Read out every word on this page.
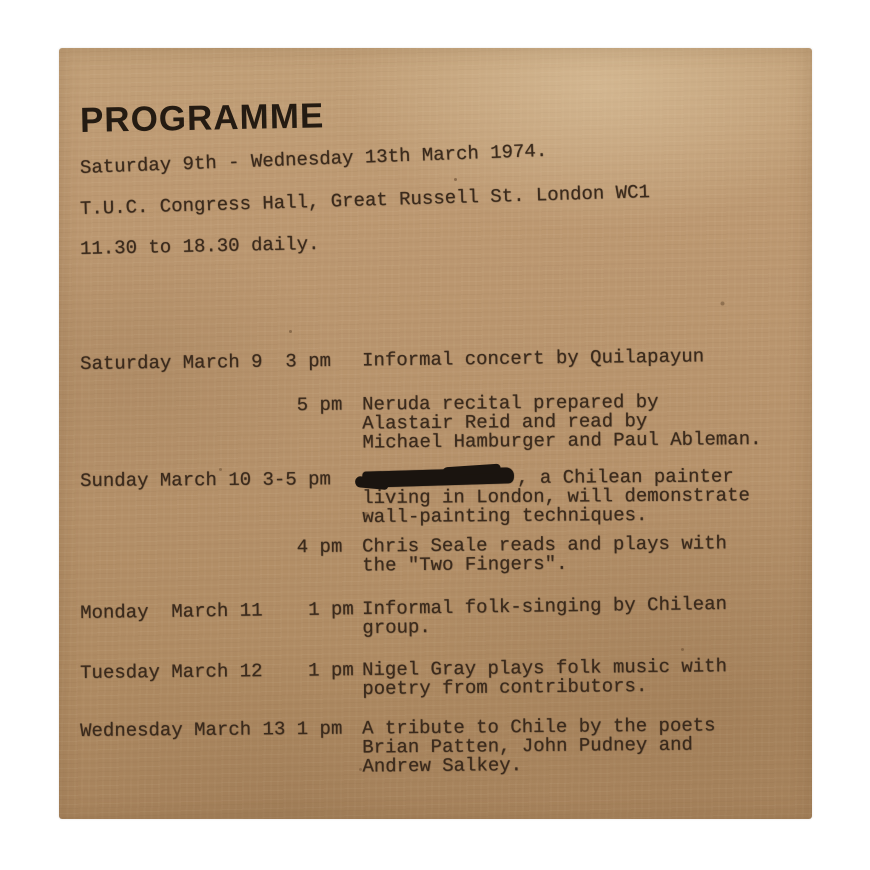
PROGRAMME
Saturday 9th - Wednesday 13th March 1974.
T.U.C. Congress Hall, Great Russell St. London WC1
11.30 to 18.30 daily.
Saturday March 9  3 pm	Informal concert by Quilapayun
5 pm	Neruda recital prepared by
Alastair Reid and read by
Michael Hamburger and Paul Ableman.
Sunday March 10 3-5 pm	, a Chilean painter
living in London, will demonstrate
wall-painting techniques.
4 pm	Chris Seale reads and plays with
the "Two Fingers".
Monday  March 11    1 pm Informal folk-singing by Chilean
group.
Tuesday March 12    1 pm Nigel Gray plays folk music with
poetry from contributors.
Wednesday March 13 1 pm	A tribute to Chile by the poets
Brian Patten, John Pudney and
Andrew Salkey.
